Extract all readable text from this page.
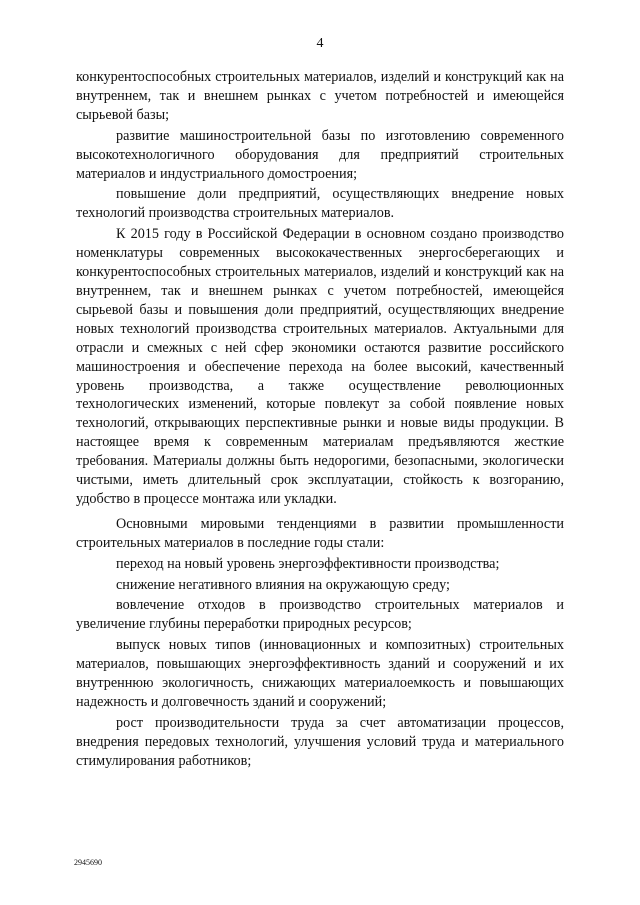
4

конкурентоспособных строительных материалов, изделий и конструкций как на внутреннем, так и внешнем рынках с учетом потребностей и имеющейся сырьевой базы;

развитие машиностроительной базы по изготовлению современного высокотехнологичного оборудования для предприятий строительных материалов и индустриального домостроения;

повышение доли предприятий, осуществляющих внедрение новых технологий производства строительных материалов.

К 2015 году в Российской Федерации в основном создано производство номенклатуры современных высококачественных энергосберегающих и конкурентоспособных строительных материалов, изделий и конструкций как на внутреннем, так и внешнем рынках с учетом потребностей, имеющейся сырьевой базы и повышения доли предприятий, осуществляющих внедрение новых технологий производства строительных материалов. Актуальными для отрасли и смежных с ней сфер экономики остаются развитие российского машиностроения и обеспечение перехода на более высокий, качественный уровень производства, а также осуществление революционных технологических изменений, которые повлекут за собой появление новых технологий, открывающих перспективные рынки и новые виды продукции. В настоящее время к современным материалам предъявляются жесткие требования. Материалы должны быть недорогими, безопасными, экологически чистыми, иметь длительный срок эксплуатации, стойкость к возгоранию, удобство в процессе монтажа или укладки.

Основными мировыми тенденциями в развитии промышленности строительных материалов в последние годы стали:

переход на новый уровень энергоэффективности производства;

снижение негативного влияния на окружающую среду;

вовлечение отходов в производство строительных материалов и увеличение глубины переработки природных ресурсов;

выпуск новых типов (инновационных и композитных) строительных материалов, повышающих энергоэффективность зданий и сооружений и их внутреннюю экологичность, снижающих материалоемкость и повышающих надежность и долговечность зданий и сооружений;

рост производительности труда за счет автоматизации процессов, внедрения передовых технологий, улучшения условий труда и материального стимулирования работников;

2945690
